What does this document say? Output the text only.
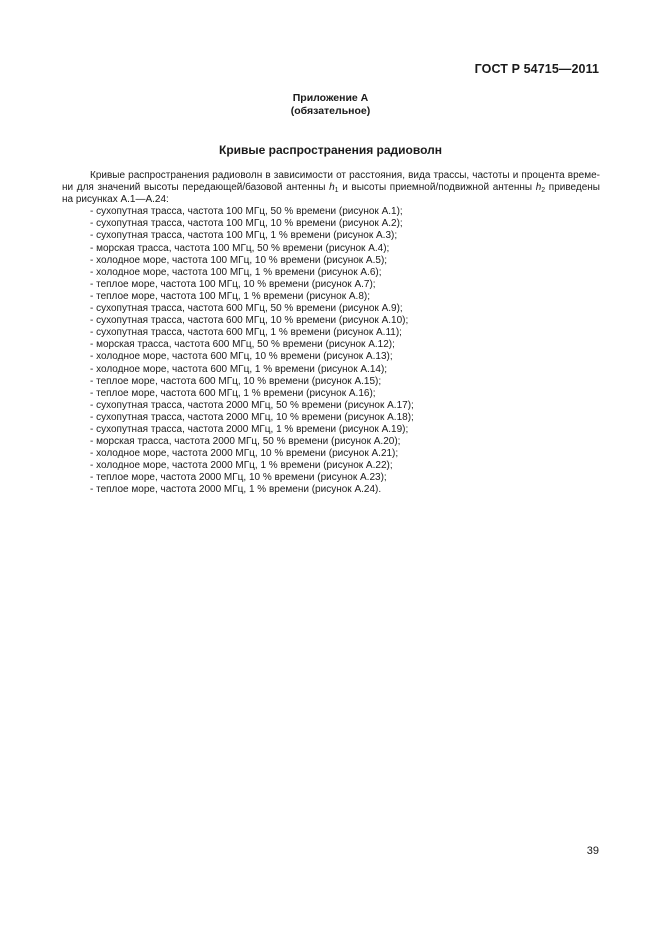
ГОСТ Р 54715—2011
Приложение А
(обязательное)
Кривые распространения радиоволн

Кривые распространения радиоволн в зависимости от расстояния, вида трассы, частоты и процента време-

ни для значений высоты передающей/базовой антенны $h_1$ и высоты приемной/подвижной антенны $h_2$ приведены

на рисунках А.1—А.24:

- сухопутная трасса, частота 100 МГц, 50 % времени (рисунок А.1);
- сухопутная трасса, частота 100 МГц, 10 % времени (рисунок А.2);
- сухопутная трасса, частота 100 МГц, 1 % времени (рисунок А.3);
- морская трасса, частота 100 МГц, 50 % времени (рисунок А.4);
- холодное море, частота 100 МГц, 10 % времени (рисунок А.5);
- холодное море, частота 100 МГц, 1 % времени (рисунок А.6);
- теплое море, частота 100 МГц, 10 % времени (рисунок А.7);
- теплое море, частота 100 МГц, 1 % времени (рисунок А.8);
- сухопутная трасса, частота 600 МГц, 50 % времени (рисунок А.9);
- сухопутная трасса, частота 600 МГц, 10 % времени (рисунок А.10);
- сухопутная трасса, частота 600 МГц, 1 % времени (рисунок А.11);
- морская трасса, частота 600 МГц, 50 % времени (рисунок А.12);
- холодное море, частота 600 МГц, 10 % времени (рисунок А.13);
- холодное море, частота 600 МГц, 1 % времени (рисунок А.14);
- теплое море, частота 600 МГц, 10 % времени (рисунок А.15);
- теплое море, частота 600 МГц, 1 % времени (рисунок А.16);
- сухопутная трасса, частота 2000 МГц, 50 % времени (рисунок А.17);
- сухопутная трасса, частота 2000 МГц, 10 % времени (рисунок А.18);
- сухопутная трасса, частота 2000 МГц, 1 % времени (рисунок А.19);
- морская трасса, частота 2000 МГц, 50 % времени (рисунок А.20);
- холодное море, частота 2000 МГц, 10 % времени (рисунок А.21);
- холодное море, частота 2000 МГц, 1 % времени (рисунок А.22);
- теплое море, частота 2000 МГц, 10 % времени (рисунок А.23);
- теплое море, частота 2000 МГц, 1 % времени (рисунок А.24).
39
